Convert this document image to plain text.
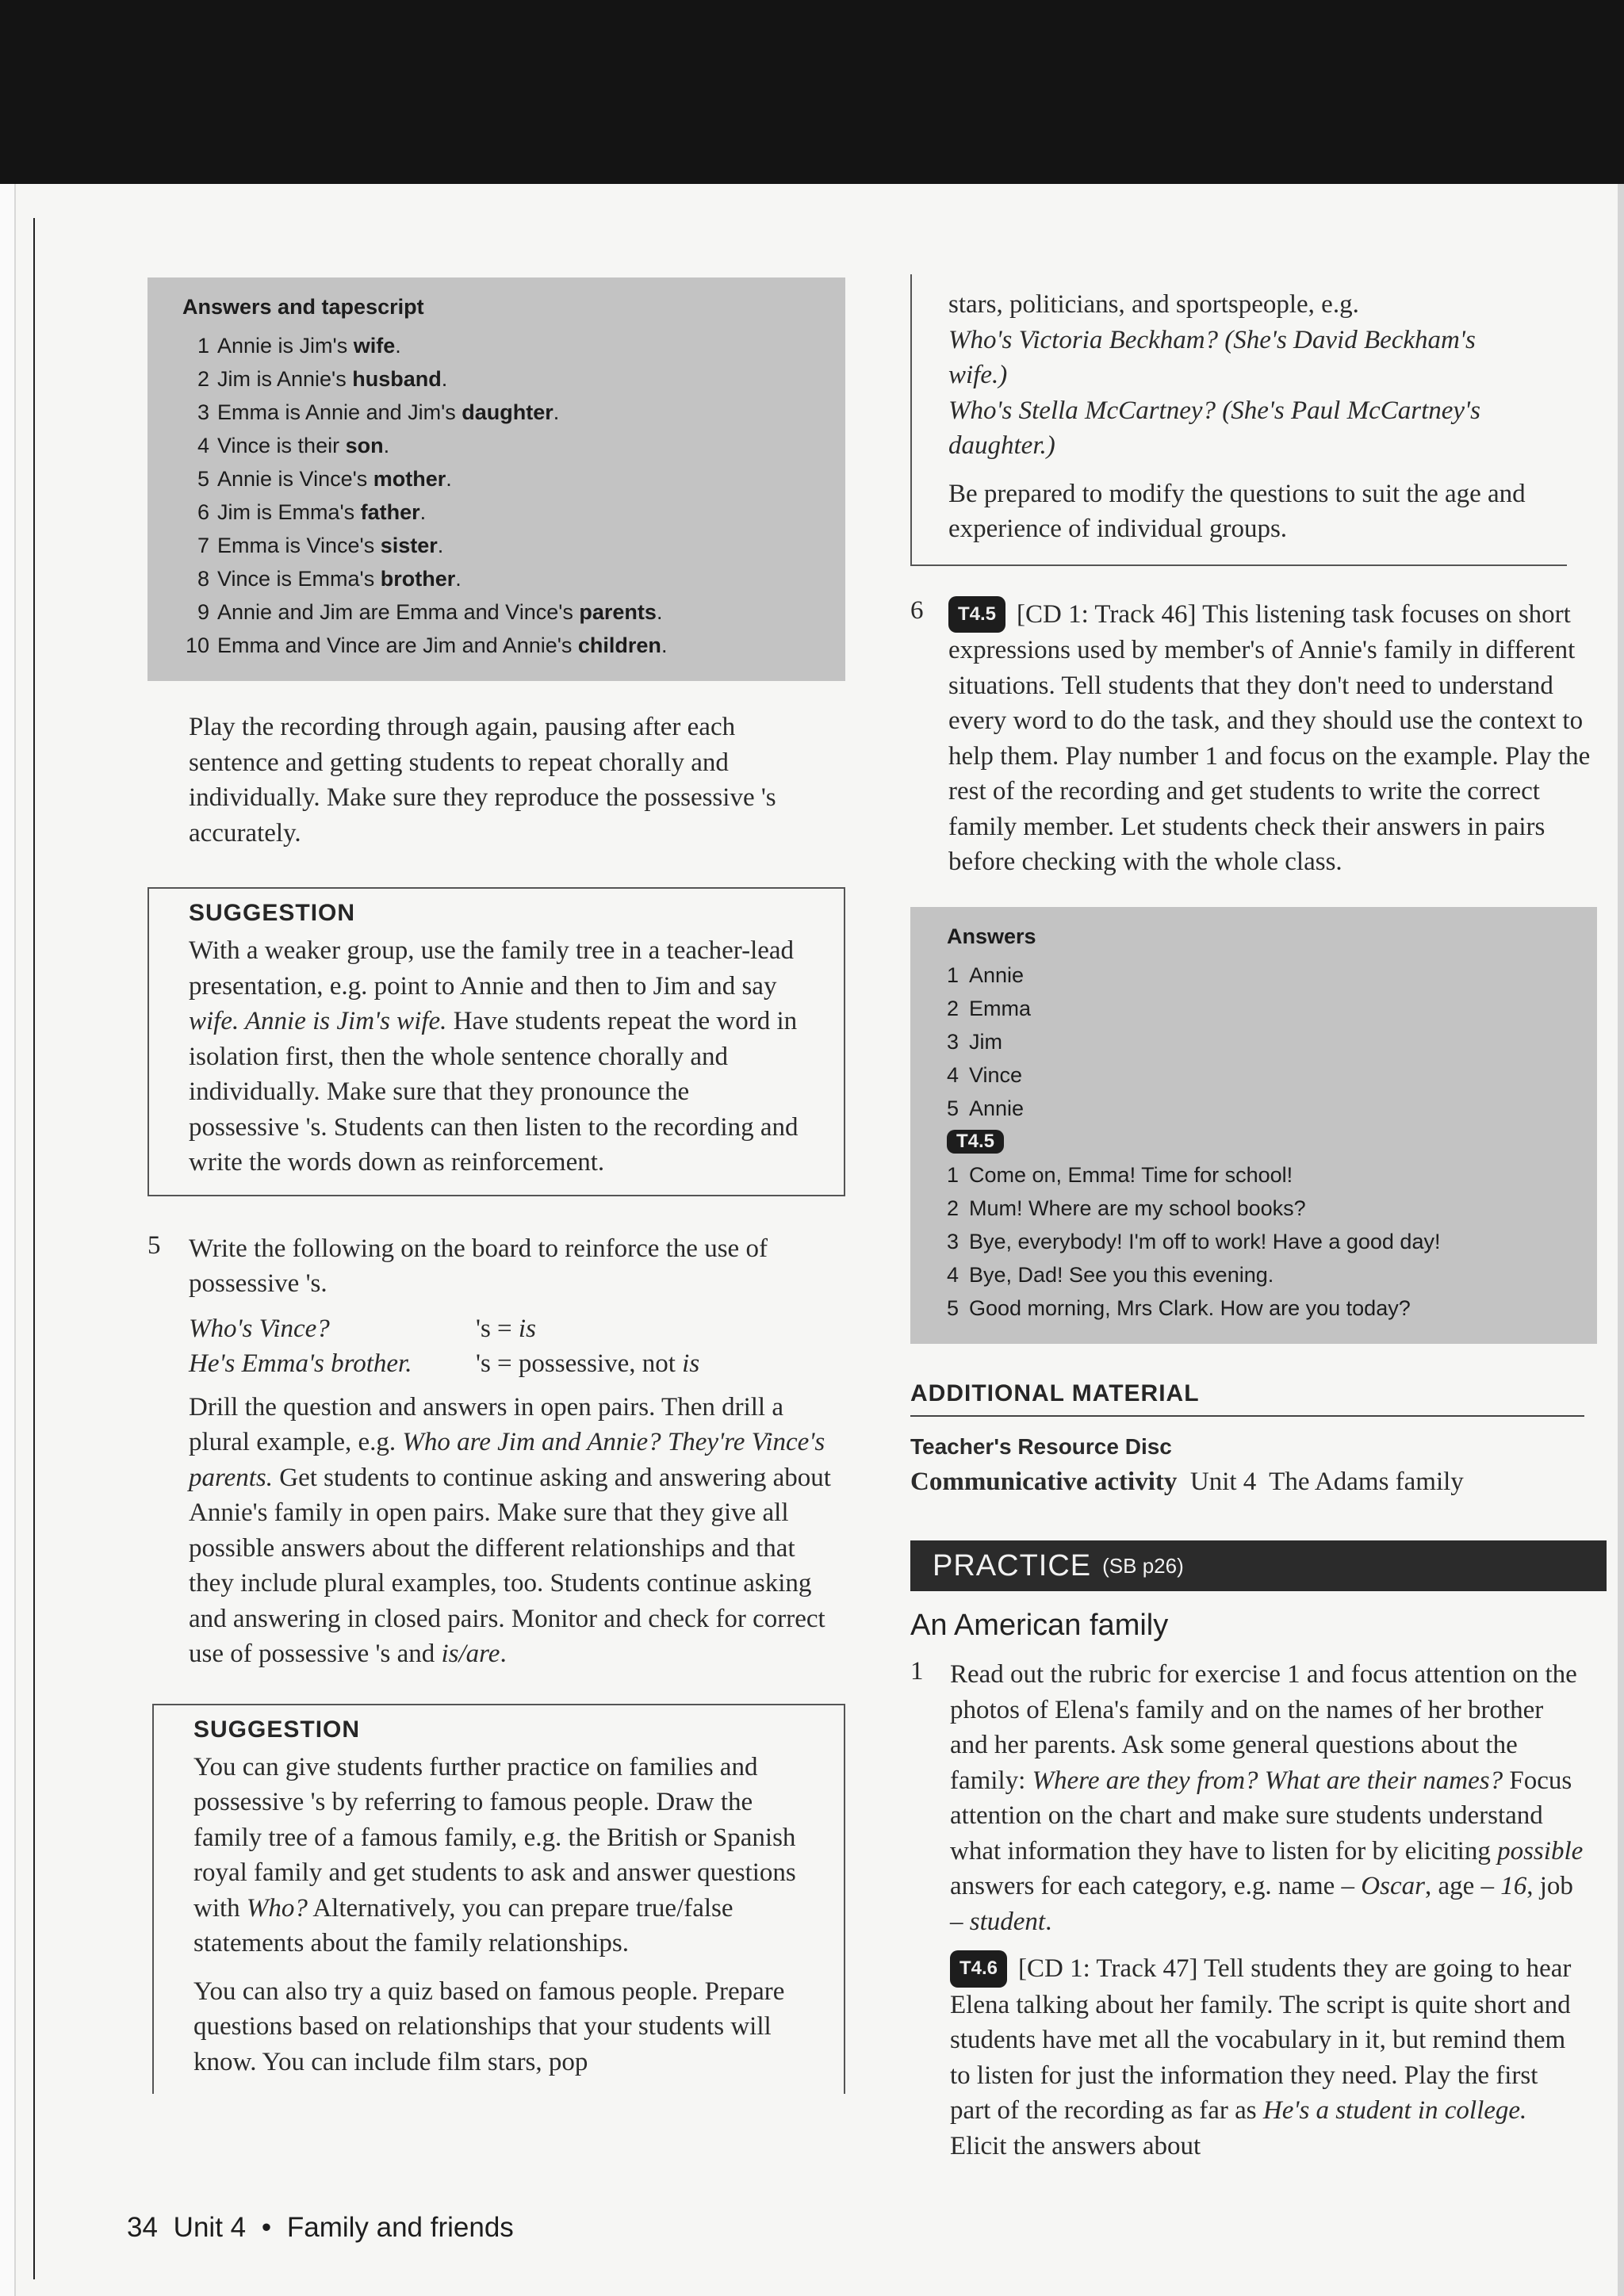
Answers and tapescript
1 Annie is Jim's wife.
2 Jim is Annie's husband.
3 Emma is Annie and Jim's daughter.
4 Vince is their son.
5 Annie is Vince's mother.
6 Jim is Emma's father.
7 Emma is Vince's sister.
8 Vince is Emma's brother.
9 Annie and Jim are Emma and Vince's parents.
10 Emma and Vince are Jim and Annie's children.

Play the recording through again, pausing after each sentence and getting students to repeat chorally and individually. Make sure they reproduce the possessive 's accurately.

SUGGESTION

With a weaker group, use the family tree in a teacher-lead presentation, e.g. point to Annie and then to Jim and say wife. Annie is Jim's wife. Have students repeat the word in isolation first, then the whole sentence chorally and individually. Make sure that they pronounce the possessive 's. Students can then listen to the recording and write the words down as reinforcement.

5 Write the following on the board to reinforce the use of possessive 's.

Who's Vince?	's = is
He's Emma's brother.	's = possessive, not is

Drill the question and answers in open pairs. Then drill a plural example, e.g. Who are Jim and Annie? They're Vince's parents. Get students to continue asking and answering about Annie's family in open pairs. Make sure that they give all possible answers about the different relationships and that they include plural examples, too. Students continue asking and answering in closed pairs. Monitor and check for correct use of possessive 's and is/are.

SUGGESTION

You can give students further practice on families and possessive 's by referring to famous people. Draw the family tree of a famous family, e.g. the British or Spanish royal family and get students to ask and answer questions with Who? Alternatively, you can prepare true/false statements about the family relationships.

You can also try a quiz based on famous people. Prepare questions based on relationships that your students will know. You can include film stars, pop

34 Unit 4 • Family and friends

stars, politicians, and sportspeople, e.g.
Who's Victoria Beckham? (She's David Beckham's wife.)
Who's Stella McCartney? (She's Paul McCartney's daughter.)

Be prepared to modify the questions to suit the age and experience of individual groups.

6	T4.5 [CD 1: Track 46] This listening task focuses on short expressions used by member's of Annie's family in different situations. Tell students that they don't need to understand every word to do the task, and they should use the context to help them. Play number 1 and focus on the example. Play the rest of the recording and get students to write the correct family member. Let students check their answers in pairs before checking with the whole class.

Answers
1 Annie
2 Emma
3 Jim
4 Vince
5 Annie
T4.5
1 Come on, Emma! Time for school!
2 Mum! Where are my school books?
3 Bye, everybody! I'm off to work! Have a good day!
4 Bye, Dad! See you this evening.
5 Good morning, Mrs Clark. How are you today?
ADDITIONAL MATERIAL
Teacher's Resource Disc

Communicative activity  Unit 4  The Adams family

PRACTICE (SB p26)
An American family
1 Read out the rubric for exercise 1 and focus attention on the photos of Elena's family and on the names of her brother and her parents. Ask some general questions about the family: Where are they from? What are their names? Focus attention on the chart and make sure students understand what information they have to listen for by eliciting possible answers for each category, e.g. name – Oscar, age – 16, job – student.

T4.6 [CD 1: Track 47] Tell students they are going to hear Elena talking about her family. The script is quite short and students have met all the vocabulary in it, but remind them to listen for just the information they need. Play the first part of the recording as far as He's a student in college. Elicit the answers about
